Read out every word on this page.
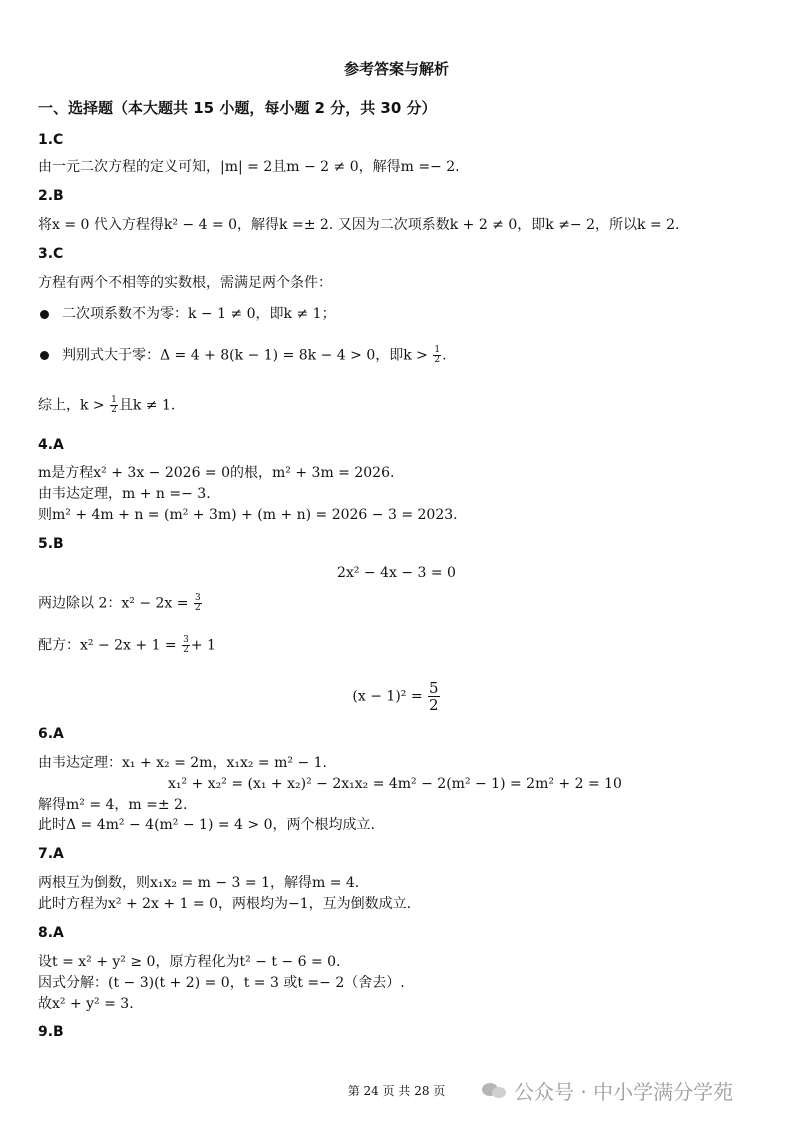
参考答案与解析
一、选择题（本大题共 15 小题，每小题 2 分，共 30 分）
1.C
由一元二次方程的定义可知，|m| = 2且m − 2 ≠ 0，解得m =− 2.
2.B
将x = 0 代入方程得k² − 4 = 0，解得k =± 2. 又因为二次项系数k + 2 ≠ 0，即k ≠− 2，所以k = 2.
3.C
方程有两个不相等的实数根，需满足两个条件：
二次项系数不为零：k − 1 ≠ 0，即k ≠ 1；
判别式大于零：Δ = 4 + 8(k − 1) = 8k − 4 > 0，即$k > \frac{1}{2}$ .
综上，$k > \frac{1}{2}$ 且k ≠ 1.
4.A
m是方程x² + 3x − 2026 = 0的根，m² + 3m = 2026.
由韦达定理，m + n =− 3.
则m² + 4m + n = (m² + 3m) + (m + n) = 2026 − 3 = 2023.
5.B
2x² − 4x − 3 = 0
两边除以 2：$x^2 - 2x = \frac{3}{2}$
配方：$x^2 - 2x + 1 = \frac{3}{2} + 1$
$(x - 1)^2 = \frac{5}{2}$
6.A
由韦达定理：x₁ + x₂ = 2m，x₁x₂ = m² − 1.
x₁² + x₂² = (x₁ + x₂)² − 2x₁x₂ = 4m² − 2(m² − 1) = 2m² + 2 = 10
解得m² = 4，m =± 2.
此时Δ = 4m² − 4(m² − 1) = 4 > 0，两个根均成立.
7.A
两根互为倒数，则x₁x₂ = m − 3 = 1，解得m = 4.
此时方程为x² + 2x + 1 = 0，两根均为−1，互为倒数成立.
8.A
设t = x² + y² ≥ 0，原方程化为t² − t − 6 = 0.
因式分解：(t − 3)(t + 2) = 0，t = 3 或t =− 2（舍去）.
故x² + y² = 3.
9.B
第 24 页 共 28 页	公众号 · 中小学满分学苑
